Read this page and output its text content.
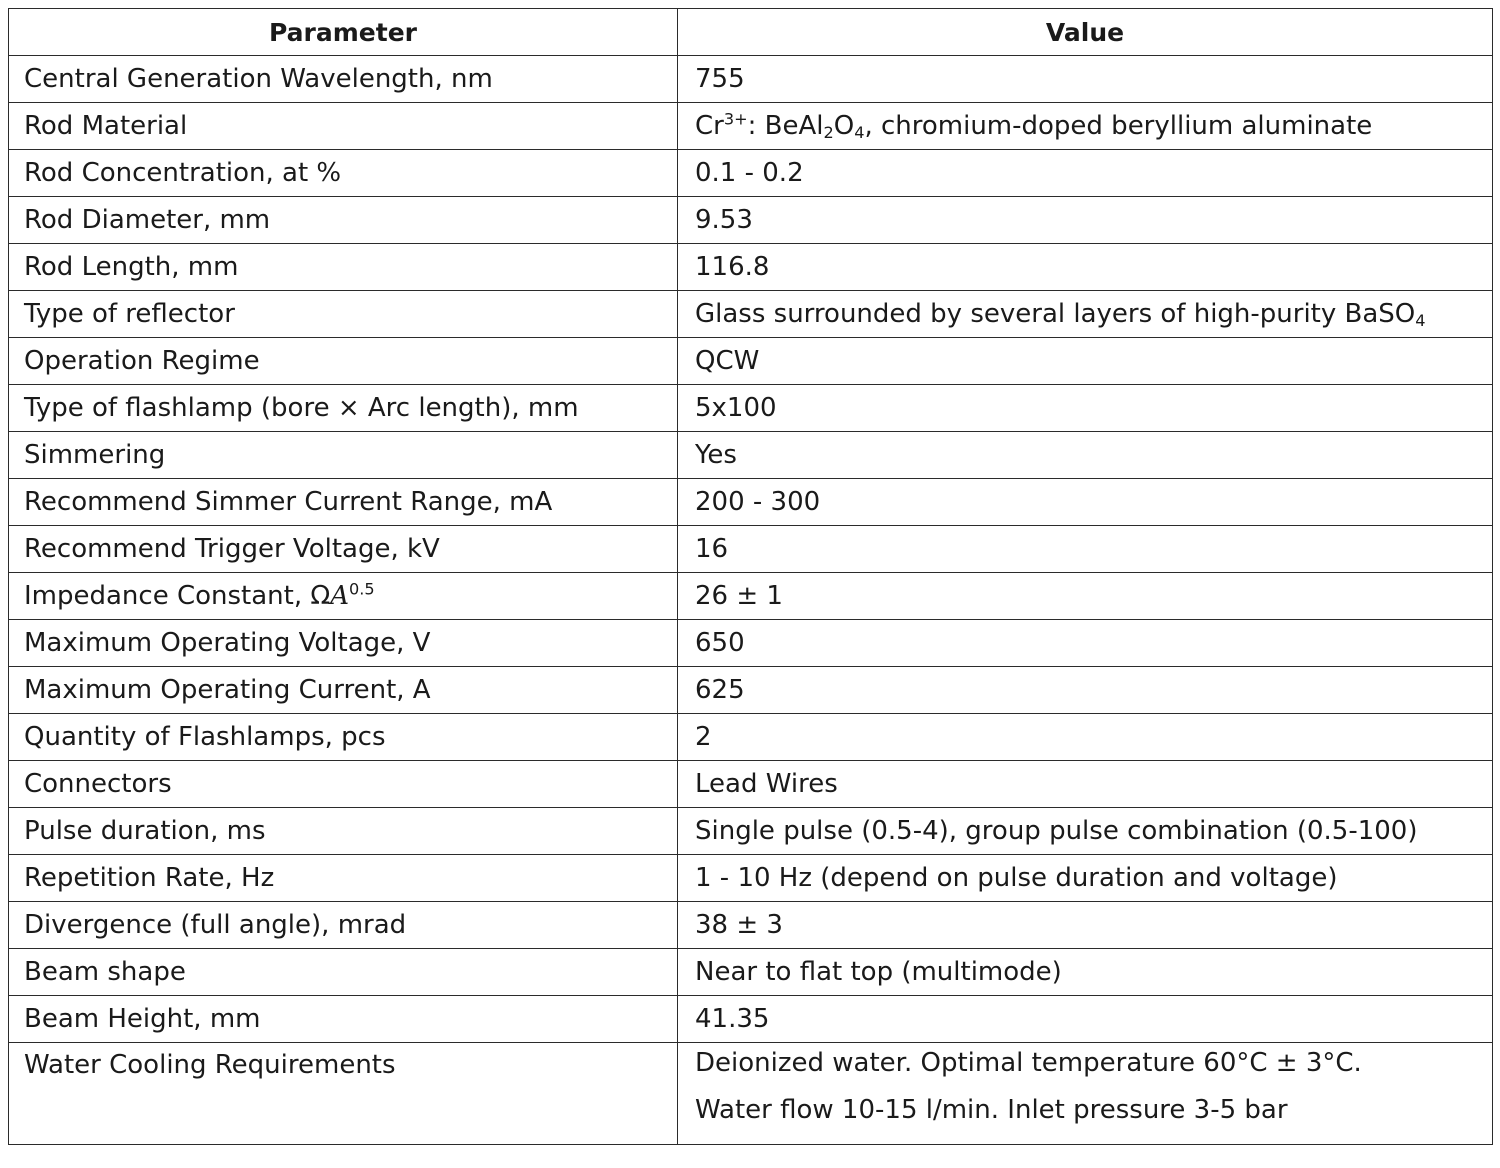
Parameter	Value
Central Generation Wavelength, nm	755
Rod Material	$Cr^{3+}$: $BeAl_2O_4$, chromium-doped beryllium aluminate
Rod Concentration, at %	0.1 - 0.2
Rod Diameter, mm	9.53
Rod Length, mm	116.8
Type of reflector	Glass surrounded by several layers of high-purity BaSO$_4$
Operation Regime	QCW
Type of flashlamp (bore × Arc length), mm	5x100
Simmering	Yes
Recommend Simmer Current Range, mA	200 - 300
Recommend Trigger Voltage, kV	16
Impedance Constant, $\Omega A^{0.5}$	26 ± 1
Maximum Operating Voltage, V	650
Maximum Operating Current, A	625
Quantity of Flashlamps, pcs	2
Connectors	Lead Wires
Pulse duration, ms	Single pulse (0.5-4), group pulse combination (0.5-100)
Repetition Rate, Hz	1 - 10 Hz (depend on pulse duration and voltage)
Divergence (full angle), mrad	38 ± 3
Beam shape	Near to flat top (multimode)
Beam Height, mm	41.35
Water Cooling Requirements	Deionized water. Optimal temperature 60°C ± 3°C.
Water flow 10-15 l/min. Inlet pressure 3-5 bar
